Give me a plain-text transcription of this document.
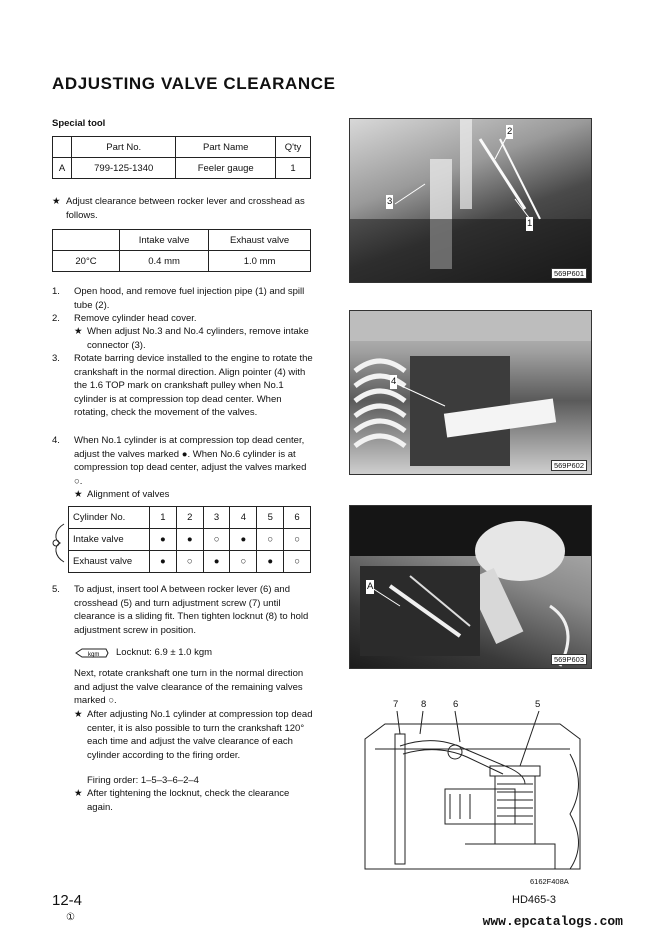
ADJUSTING VALVE CLEARANCE
Special tool
	Part No.	Part Name	Q'ty
A	799-125-1340	Feeler gauge	1
★ Adjust clearance between rocker lever and crosshead as follows.
	Intake valve	Exhaust valve
20°C	0.4 mm	1.0 mm
1. Open hood, and remove fuel injection pipe (1) and spill tube (2).
2. Remove cylinder head cover.
★ When adjust No.3 and No.4 cylinders, remove intake connector (3).
3. Rotate barring device installed to the engine to rotate the crankshaft in the normal direction. Align pointer (4) with the 1.6 TOP mark on crankshaft pulley when No.1 cylinder is at compression top dead center. When rotating, check the movement of the valves.
4. When No.1 cylinder is at compression top dead center, adjust the valves marked ●. When No.6 cylinder is at compression top dead center, adjust the valves marked ○.
★ Alignment of valves
Cylinder No.	1	2	3	4	5	6
Intake valve	●	●	○	●	○	○
Exhaust valve	●	○	●	○	●	○
5. To adjust, insert tool A between rocker lever (6) and crosshead (5) and turn adjustment screw (7) until clearance is a sliding fit. Then tighten locknut (8) to hold adjustment screw in position.
kgm Locknut: 6.9 ± 1.0 kgm
Next, rotate crankshaft one turn in the normal direction and adjust the valve clearance of the remaining valves marked ○.
★ After adjusting No.1 cylinder at compression top dead center, it is also possible to turn the crankshaft 120° each time and adjust the valve clearance of each cylinder according to the firing order.
Firing order: 1–5–3–6–2–4
★ After tightening the locknut, check the clearance again.
2
3
1
569P601
4
569P602
A
569P603
7 8	6	5
6162F408A
12-4
①
HD465-3
www.epcatalogs.com
